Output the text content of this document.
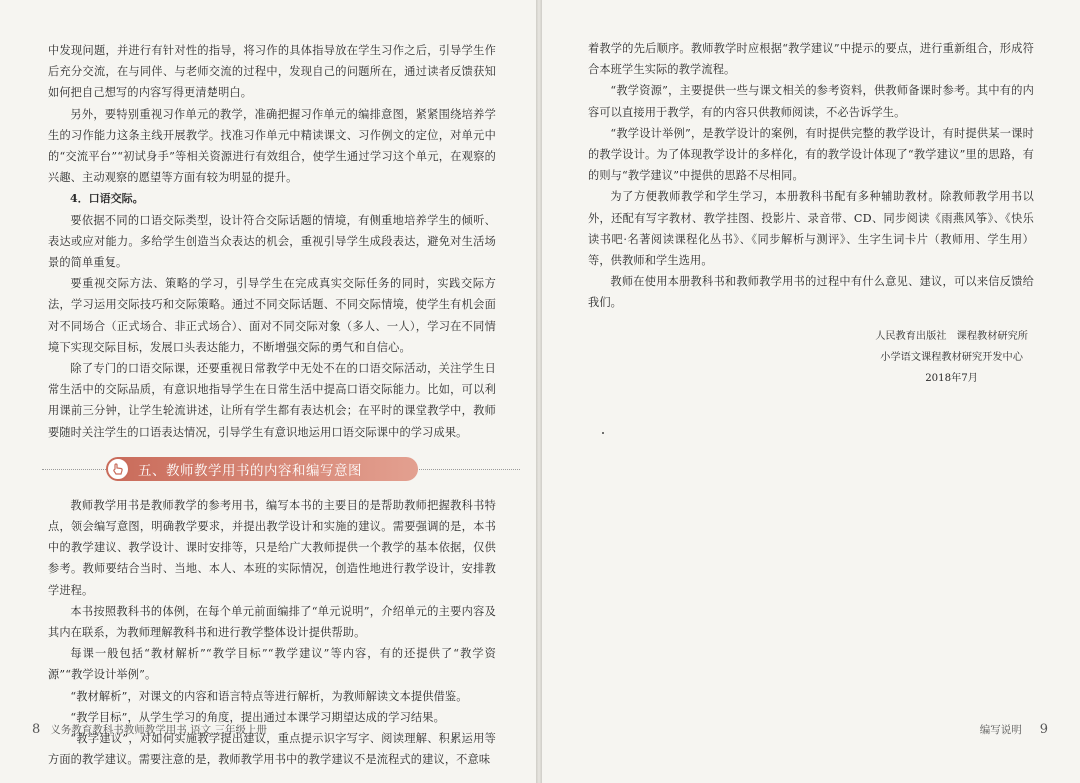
中发现问题，并进行有针对性的指导，将习作的具体指导放在学生习作之后，引导学生作后充分交流，在与同伴、与老师交流的过程中，发现自己的问题所在，通过读者反馈获知如何把自己想写的内容写得更清楚明白。

另外，要特别重视习作单元的教学，准确把握习作单元的编排意图，紧紧围绕培养学生的习作能力这条主线开展教学。找准习作单元中精读课文、习作例文的定位，对单元中的“交流平台”“初试身手”等相关资源进行有效组合，使学生通过学习这个单元，在观察的兴趣、主动观察的愿望等方面有较为明显的提升。

4．口语交际。

要依据不同的口语交际类型，设计符合交际话题的情境，有侧重地培养学生的倾听、表达或应对能力。多给学生创造当众表达的机会，重视引导学生成段表达，避免对生活场景的简单重复。

要重视交际方法、策略的学习，引导学生在完成真实交际任务的同时，实践交际方法，学习运用交际技巧和交际策略。通过不同交际话题、不同交际情境，使学生有机会面对不同场合（正式场合、非正式场合）、面对不同交际对象（多人、一人），学习在不同情境下实现交际目标，发展口头表达能力，不断增强交际的勇气和自信心。

除了专门的口语交际课，还要重视日常教学中无处不在的口语交际活动，关注学生日常生活中的交际品质，有意识地指导学生在日常生活中提高口语交际能力。比如，可以利用课前三分钟，让学生轮流讲述，让所有学生都有表达机会；在平时的课堂教学中，教师要随时关注学生的口语表达情况，引导学生有意识地运用口语交际课中的学习成果。

五、教师教学用书的内容和编写意图

教师教学用书是教师教学的参考用书，编写本书的主要目的是帮助教师把握教科书特点，领会编写意图，明确教学要求，并提出教学设计和实施的建议。需要强调的是，本书中的教学建议、教学设计、课时安排等，只是给广大教师提供一个教学的基本依据，仅供参考。教师要结合当时、当地、本人、本班的实际情况，创造性地进行教学设计，安排教学进程。

本书按照教科书的体例，在每个单元前面编排了“单元说明”，介绍单元的主要内容及其内在联系，为教师理解教科书和进行教学整体设计提供帮助。

每课一般包括“教材解析”“教学目标”“教学建议”等内容，有的还提供了“教学资源”“教学设计举例”。

“教材解析”，对课文的内容和语言特点等进行解析，为教师解读文本提供借鉴。

“教学目标”，从学生学习的角度，提出通过本课学习期望达成的学习结果。

“教学建议”，对如何实施教学提出建议，重点提示识字写字、阅读理解、积累运用等方面的教学建议。需要注意的是，教师教学用书中的教学建议不是流程式的建议，不意味

8 义务教育教科书教师教学用书 语文 三年级上册

着教学的先后顺序。教师教学时应根据“教学建议”中提示的要点，进行重新组合，形成符合本班学生实际的教学流程。

“教学资源”，主要提供一些与课文相关的参考资料，供教师备课时参考。其中有的内容可以直接用于教学，有的内容只供教师阅读，不必告诉学生。

“教学设计举例”，是教学设计的案例，有时提供完整的教学设计，有时提供某一课时的教学设计。为了体现教学设计的多样化，有的教学设计体现了“教学建议”里的思路，有的则与“教学建议”中提供的思路不尽相同。

为了方便教师教学和学生学习，本册教科书配有多种辅助教材。除教师教学用书以外，还配有写字教材、教学挂图、投影片、录音带、CD、同步阅读《雨燕风筝》、《快乐读书吧·名著阅读课程化丛书》、《同步解析与测评》、生字生词卡片（教师用、学生用）等，供教师和学生选用。

教师在使用本册教科书和教师教学用书的过程中有什么意见、建议，可以来信反馈给我们。

人民教育出版社　课程教材研究所
小学语文课程教材研究开发中心
2018年7月
编写说明 9
